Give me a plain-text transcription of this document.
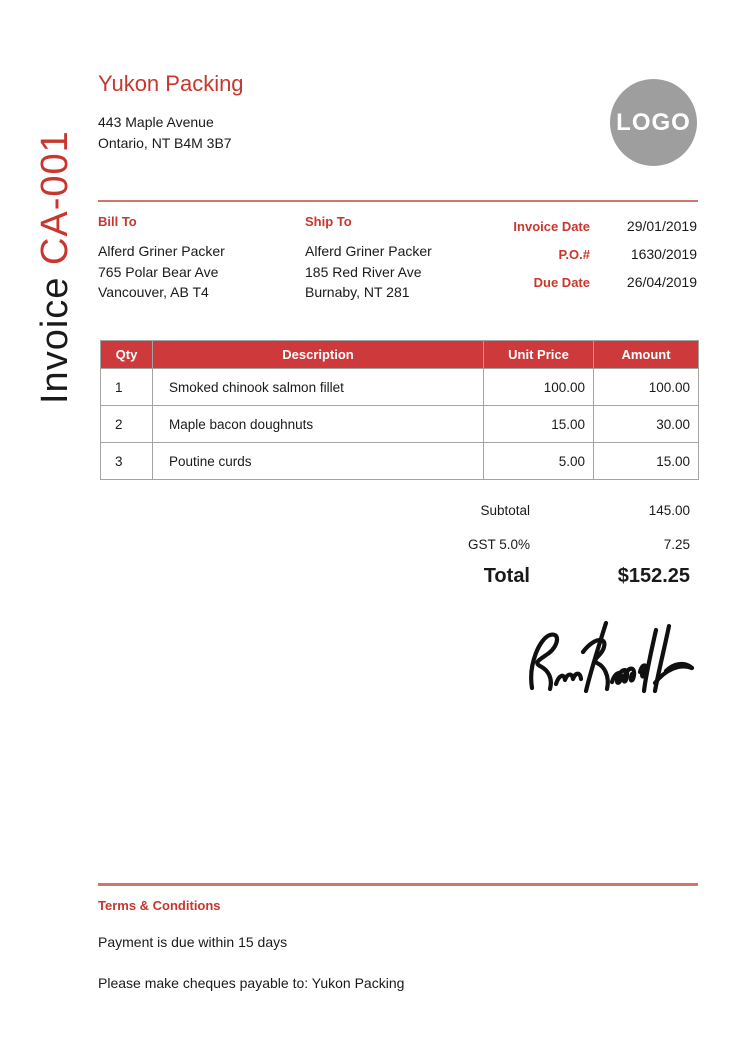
Invoice CA-001
Yukon Packing
443 Maple Avenue
Ontario, NT B4M 3B7
LOGO
Bill To
Alferd Griner Packer
765 Polar Bear Ave
Vancouver, AB T4
Ship To
Alferd Griner Packer
185 Red River Ave
Burnaby, NT 281
Invoice Date	29/01/2019
P.O.#	1630/2019
Due Date	26/04/2019
Qty	Description	Unit Price	Amount
1	Smoked chinook salmon fillet	100.00	100.00
2	Maple bacon doughnuts	15.00	30.00
3	Poutine curds	5.00	15.00
Subtotal	145.00
GST 5.0%	7.25
Total	$152.25
Terms & Conditions
Payment is due within 15 days
Please make cheques payable to: Yukon Packing
